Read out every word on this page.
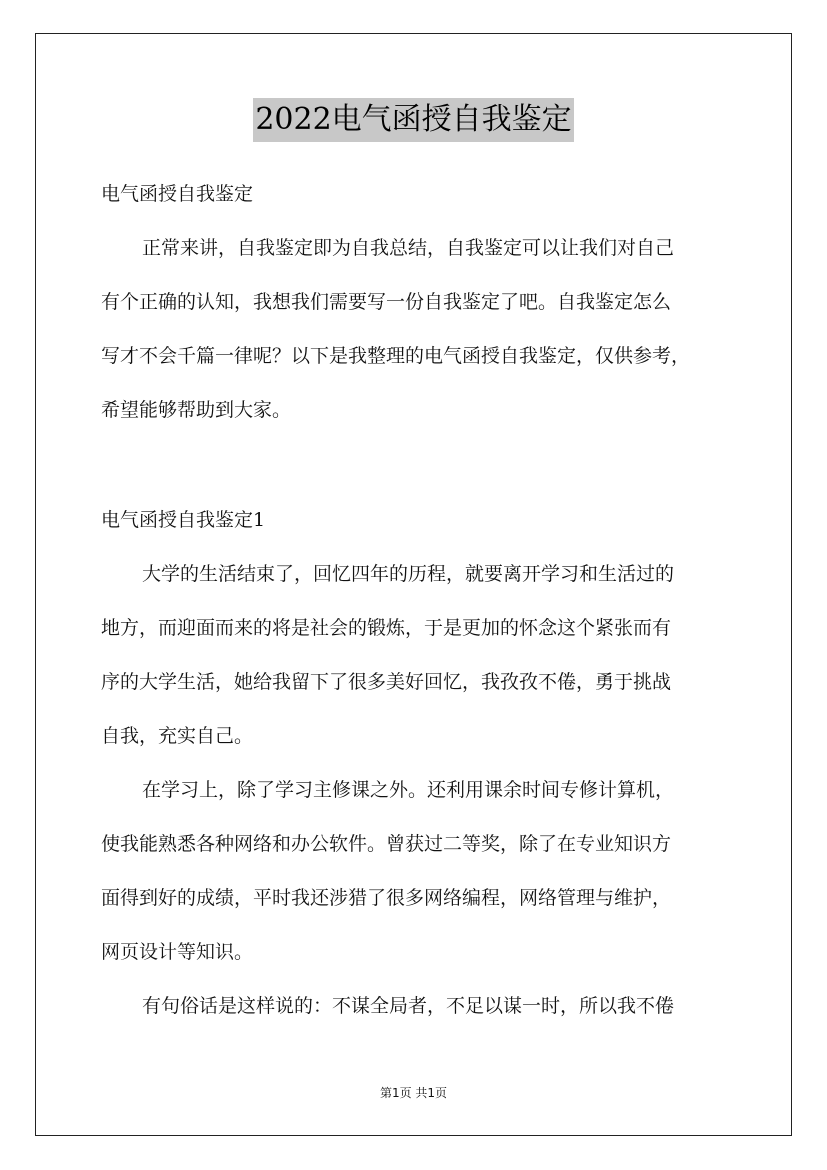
2022电气函授自我鉴定
电气函授自我鉴定
正常来讲，自我鉴定即为自我总结，自我鉴定可以让我们对自己
有个正确的认知，我想我们需要写一份自我鉴定了吧。自我鉴定怎么
写才不会千篇一律呢？以下是我整理的电气函授自我鉴定，仅供参考，
希望能够帮助到大家。
电气函授自我鉴定1
大学的生活结束了，回忆四年的历程，就要离开学习和生活过的
地方，而迎面而来的将是社会的锻炼，于是更加的怀念这个紧张而有
序的大学生活，她给我留下了很多美好回忆，我孜孜不倦，勇于挑战
自我，充实自己。
在学习上，除了学习主修课之外。还利用课余时间专修计算机，
使我能熟悉各种网络和办公软件。曾获过二等奖，除了在专业知识方
面得到好的成绩，平时我还涉猎了很多网络编程，网络管理与维护，
网页设计等知识。
有句俗话是这样说的：不谋全局者，不足以谋一时，所以我不倦
第1页 共1页
